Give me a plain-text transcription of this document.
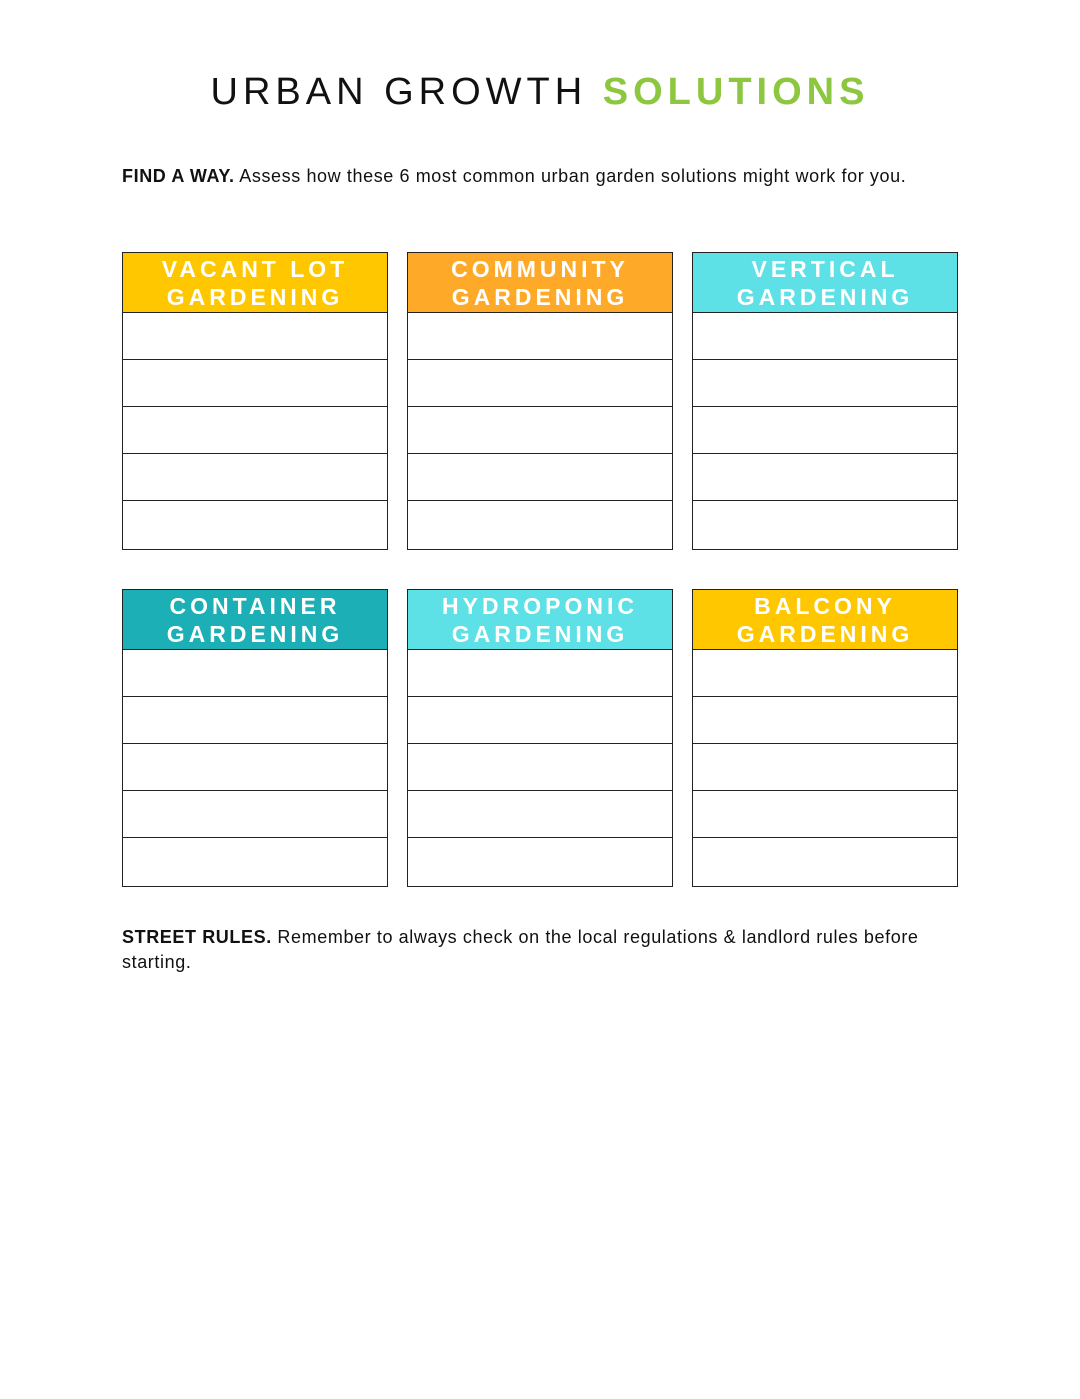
URBAN GROWTH SOLUTIONS

FIND A WAY. Assess how these 6 most common urban garden solutions might work for you.

VACANT LOT
GARDENING
COMMUNITY
GARDENING
VERTICAL
GARDENING
CONTAINER
GARDENING
HYDROPONIC
GARDENING
BALCONY
GARDENING

STREET RULES. Remember to always check on the local regulations & landlord rules before starting.
